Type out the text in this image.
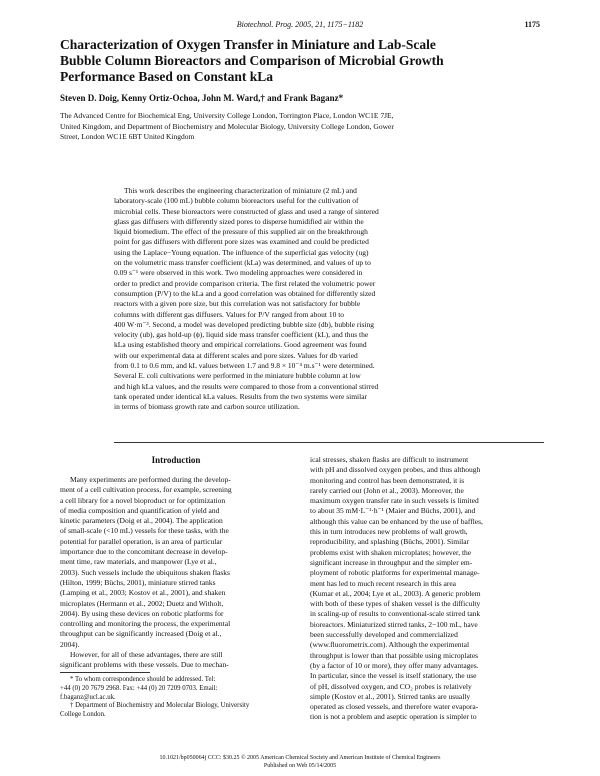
Biotechnol. Prog. 2005, 21, 1175−1182	1175
Characterization of Oxygen Transfer in Miniature and Lab-Scale
Bubble Column Bioreactors and Comparison of Microbial Growth
Performance Based on Constant kLa
Steven D. Doig, Kenny Ortiz-Ochoa, John M. Ward,† and Frank Baganz*
The Advanced Centre for Biochemical Eng, University College London, Torrington Place, London WC1E 7JE,
United Kingdom, and Department of Biochemistry and Molecular Biology, University College London, Gower
Street, London WC1E 6BT United Kingdom
This work describes the engineering characterization of miniature (2 mL) and
laboratory-scale (100 mL) bubble column bioreactors useful for the cultivation of
microbial cells. These bioreactors were constructed of glass and used a range of sintered
glass gas diffusers with differently sized pores to disperse humidified air within the
liquid biomedium. The effect of the pressure of this supplied air on the breakthrough
point for gas diffusers with different pore sizes was examined and could be predicted
using the Laplace−Young equation. The influence of the superficial gas velocity (ug)
on the volumetric mass transfer coefficient (kLa) was determined, and values of up to
0.09 s⁻¹ were observed in this work. Two modeling approaches were considered in
order to predict and provide comparison criteria. The first related the volumetric power
consumption (P/V) to the kLa and a good correlation was obtained for differently sized
reactors with a given pore size, but this correlation was not satisfactory for bubble
columns with different gas diffusers. Values for P/V ranged from about 10 to
400 W·m⁻³. Second, a model was developed predicting bubble size (db), bubble rising
velocity (ub), gas hold-up (ϕ), liquid side mass transfer coefficient (kL), and thus the
kLa using established theory and empirical correlations. Good agreement was found
with our experimental data at different scales and pore sizes. Values for db varied
from 0.1 to 0.6 mm, and kL values between 1.7 and 9.8 × 10⁻⁴ m.s⁻¹ were determined.
Several E. coli cultivations were performed in the miniature bubble column at low
and high kLa values, and the results were compared to those from a conventional stirred
tank operated under identical kLa values. Results from the two systems were similar
in terms of biomass growth rate and carbon source utilization.
Introduction
Many experiments are performed during the develop-
ment of a cell cultivation process, for example, screening
a cell library for a novel bioproduct or for optimization
of media composition and quantification of yield and
kinetic parameters (Doig et al., 2004). The application
of small-scale (<10 mL) vessels for these tasks, with the
potential for parallel operation, is an area of particular
importance due to the concomitant decrease in develop-
ment time, raw materials, and manpower (Lye et al.,
2003). Such vessels include the ubiquitous shaken flasks
(Hilton, 1999; Büchs, 2001), miniature stirred tanks
(Lamping et al., 2003; Kostov et al., 2001), and shaken
microplates (Hermann et al., 2002; Duetz and Witholt,
2004). By using these devices on robotic platforms for
controlling and monitoring the process, the experimental
throughput can be significantly increased (Doig et al.,
2004).
However, for all of these advantages, there are still
significant problems with these vessels. Due to mechan-
* To whom correspondence should be addressed. Tel:
+44 (0) 20 7679 2968. Fax: +44 (0) 20 7209 0703. Email:
f.baganz@ucl.ac.uk.
† Department of Biochemistry and Molecular Biology, University
College London.
ical stresses, shaken flasks are difficult to instrument
with pH and dissolved oxygen probes, and thus although
monitoring and control has been demonstrated, it is
rarely carried out (John et al., 2003). Moreover, the
maximum oxygen transfer rate in such vessels is limited
to about 35 mM·L⁻¹·h⁻¹ (Maier and Büchs, 2001), and
although this value can be enhanced by the use of baffles,
this in turn introduces new problems of wall growth,
reproducibility, and splashing (Büchs, 2001). Similar
problems exist with shaken microplates; however, the
significant increase in throughput and the simpler em-
ployment of robotic platforms for experimental manage-
ment has led to much recent research in this area
(Kumar et al., 2004; Lye et al., 2003). A generic problem
with both of these types of shaken vessel is the difficulty
in scaling-up of results to conventional-scale stirred tank
bioreactors. Miniaturized stirred tanks, 2−100 mL, have
been successfully developed and commercialized
(www.fluorometrix.com). Although the experimental
throughput is lower than that possible using microplates
(by a factor of 10 or more), they offer many advantages.
In particular, since the vessel is itself stationary, the use
of pH, dissolved oxygen, and CO₂ probes is relatively
simple (Kostov et al., 2001). Stirred tanks are usually
operated as closed vessels, and therefore water evapora-
tion is not a problem and aseptic operation is simpler to
10.1021/bp050064j CCC: $30.25 © 2005 American Chemical Society and American Institute of Chemical Engineers
Published on Web 05/14/2005
